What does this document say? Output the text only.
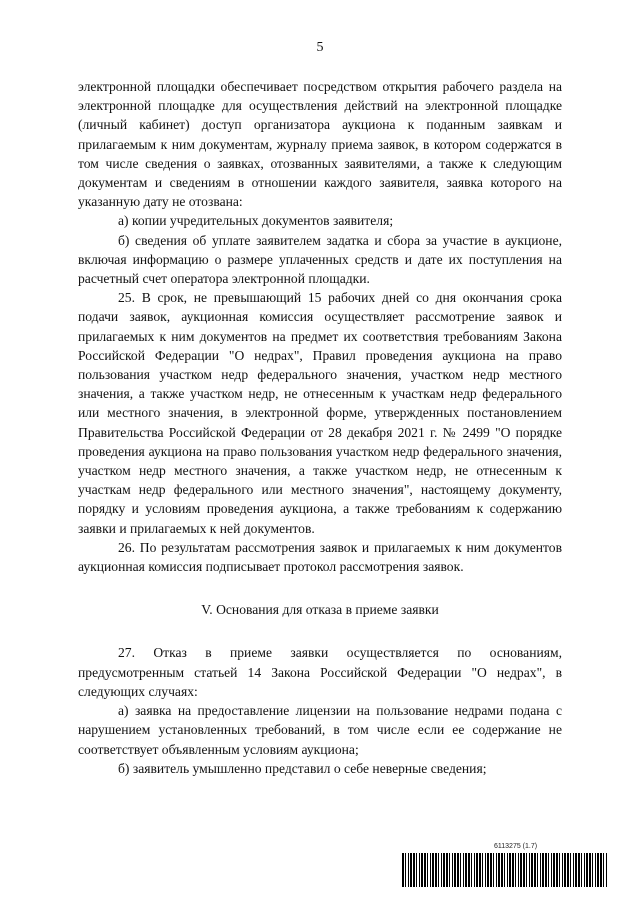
5

электронной площадки обеспечивает посредством открытия рабочего раздела на электронной площадке для осуществления действий на электронной площадке (личный кабинет) доступ организатора аукциона к поданным заявкам и прилагаемым к ним документам, журналу приема заявок, в котором содержатся в том числе сведения о заявках, отозванных заявителями, а также к следующим документам и сведениям в отношении каждого заявителя, заявка которого на указанную дату не отозвана:

а) копии учредительных документов заявителя;

б) сведения об уплате заявителем задатка и сбора за участие в аукционе, включая информацию о размере уплаченных средств и дате их поступления на расчетный счет оператора электронной площадки.

25. В срок, не превышающий 15 рабочих дней со дня окончания срока подачи заявок, аукционная комиссия осуществляет рассмотрение заявок и прилагаемых к ним документов на предмет их соответствия требованиям Закона Российской Федерации "О недрах", Правил проведения аукциона на право пользования участком недр федерального значения, участком недр местного значения, а также участком недр, не отнесенным к участкам недр федерального или местного значения, в электронной форме, утвержденных постановлением Правительства Российской Федерации от 28 декабря 2021 г. № 2499 "О порядке проведения аукциона на право пользования участком недр федерального значения, участком недр местного значения, а также участком недр, не отнесенным к участкам недр федерального или местного значения", настоящему документу, порядку и условиям проведения аукциона, а также требованиям к содержанию заявки и прилагаемых к ней документов.

26. По результатам рассмотрения заявок и прилагаемых к ним документов аукционная комиссия подписывает протокол рассмотрения заявок.

V. Основания для отказа в приеме заявки

27. Отказ в приеме заявки осуществляется по основаниям, предусмотренным статьей 14 Закона Российской Федерации "О недрах", в следующих случаях:

а) заявка на предоставление лицензии на пользование недрами подана с нарушением установленных требований, в том числе если ее содержание не соответствует объявленным условиям аукциона;

б) заявитель умышленно представил о себе неверные сведения;

6113275 (1.7)
